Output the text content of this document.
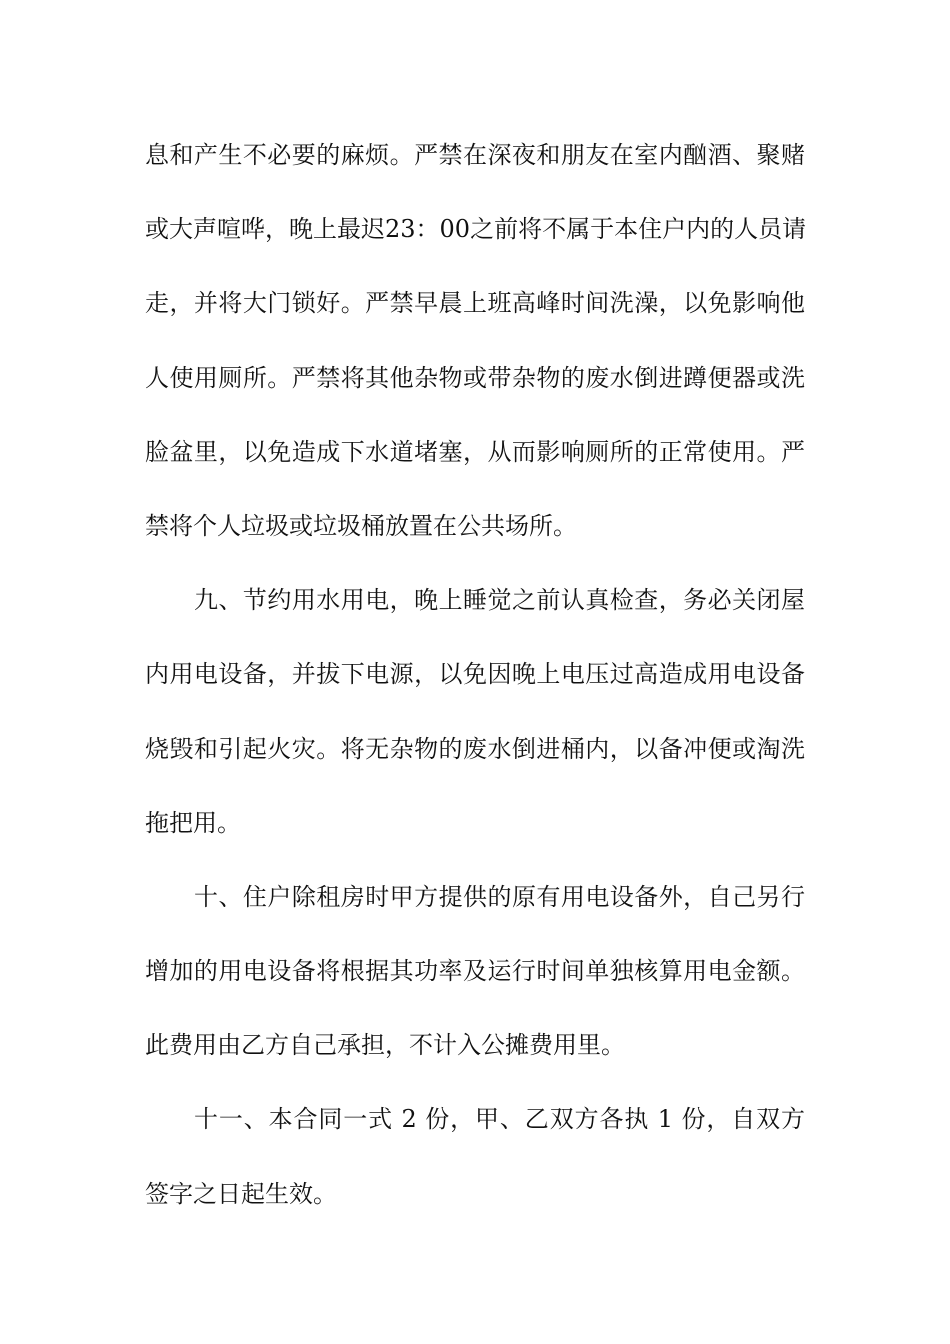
息和产生不必要的麻烦。严禁在深夜和朋友在室内酗酒、聚赌
或大声喧哗，晚上最迟23：00之前将不属于本住户内的人员请
走，并将大门锁好。严禁早晨上班高峰时间洗澡，以免影响他
人使用厕所。严禁将其他杂物或带杂物的废水倒进蹲便器或洗
脸盆里，以免造成下水道堵塞，从而影响厕所的正常使用。严
禁将个人垃圾或垃圾桶放置在公共场所。
九、节约用水用电，晚上睡觉之前认真检查，务必关闭屋
内用电设备，并拔下电源，以免因晚上电压过高造成用电设备
烧毁和引起火灾。将无杂物的废水倒进桶内，以备冲便或淘洗
拖把用。
十、住户除租房时甲方提供的原有用电设备外，自己另行
增加的用电设备将根据其功率及运行时间单独核算用电金额。
此费用由乙方自己承担，不计入公摊费用里。
十一、本合同一式 2 份，甲、乙双方各执 1 份，自双方
签字之日起生效。
